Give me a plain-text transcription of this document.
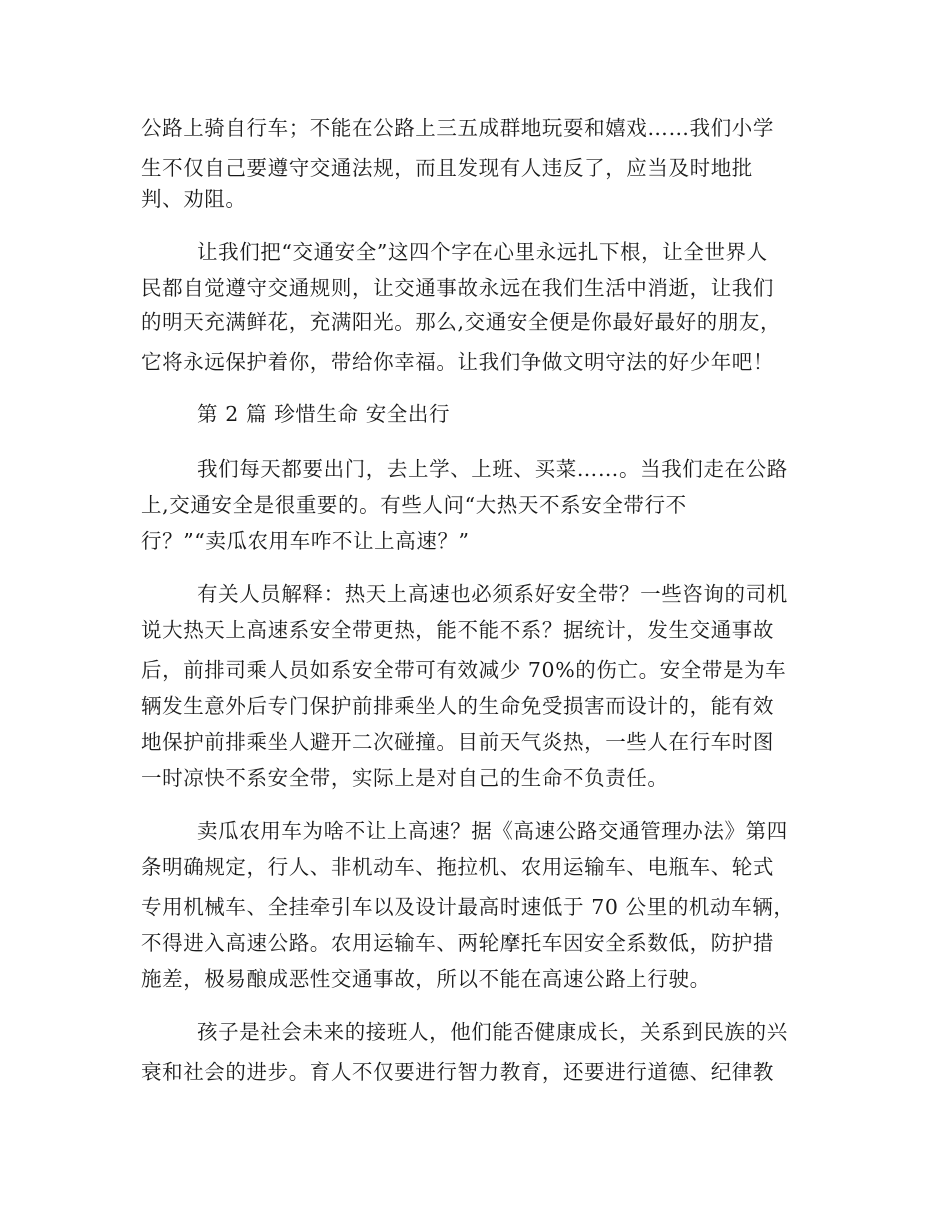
公路上骑自行车；不能在公路上三五成群地玩耍和嬉戏……我们小学
生不仅自己要遵守交通法规，而且发现有人违反了，应当及时地批
判、劝阻。
让我们把“交通安全”这四个字在心里永远扎下根，让全世界人
民都自觉遵守交通规则，让交通事故永远在我们生活中消逝，让我们
的明天充满鲜花，充满阳光。那么,交通安全便是你最好最好的朋友，
它将永远保护着你，带给你幸福。让我们争做文明守法的好少年吧！
第 2 篇 珍惜生命 安全出行
我们每天都要出门，去上学、上班、买菜……。当我们走在公路
上,交通安全是很重要的。有些人问“大热天不系安全带行不
行？”“卖瓜农用车咋不让上高速？”
有关人员解释：热天上高速也必须系好安全带？一些咨询的司机
说大热天上高速系安全带更热，能不能不系？据统计，发生交通事故
后，前排司乘人员如系安全带可有效减少 70%的伤亡。安全带是为车
辆发生意外后专门保护前排乘坐人的生命免受损害而设计的，能有效
地保护前排乘坐人避开二次碰撞。目前天气炎热，一些人在行车时图
一时凉快不系安全带，实际上是对自己的生命不负责任。
卖瓜农用车为啥不让上高速？据《高速公路交通管理办法》第四
条明确规定，行人、非机动车、拖拉机、农用运输车、电瓶车、轮式
专用机械车、全挂牵引车以及设计最高时速低于 70 公里的机动车辆，
不得进入高速公路。农用运输车、两轮摩托车因安全系数低，防护措
施差，极易酿成恶性交通事故，所以不能在高速公路上行驶。
孩子是社会未来的接班人，他们能否健康成长，关系到民族的兴
衰和社会的进步。育人不仅要进行智力教育，还要进行道德、纪律教
